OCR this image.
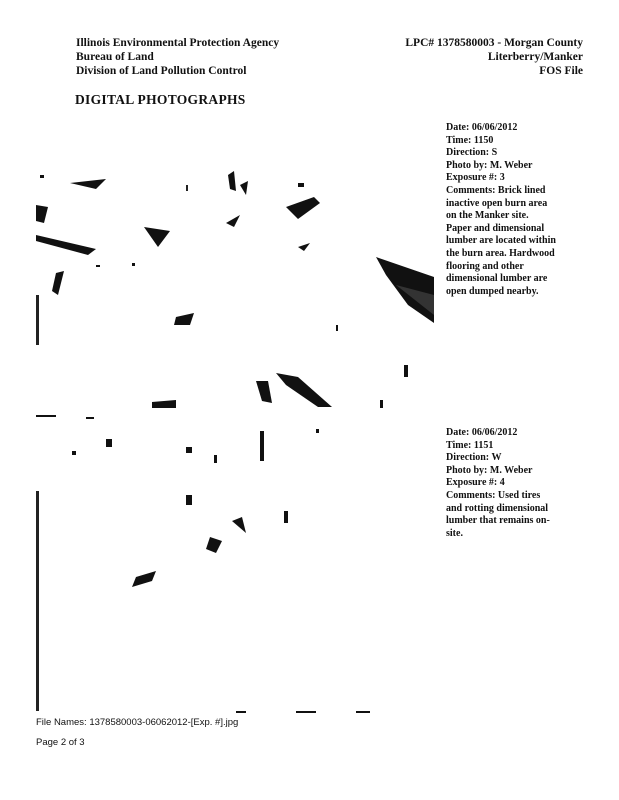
Illinois Environmental Protection Agency
Bureau of Land
Division of Land Pollution Control
LPC# 1378580003 - Morgan County
Literberry/Manker
FOS File
DIGITAL PHOTOGRAPHS
Date: 06/06/2012
Time: 1150
Direction: S
Photo by: M. Weber
Exposure #: 3
Comments: Brick lined
inactive open burn area
on the Manker site.
Paper and dimensional
lumber are located within
the burn area. Hardwood
flooring and other
dimensional lumber are
open dumped nearby.
Date: 06/06/2012
Time: 1151
Direction: W
Photo by: M. Weber
Exposure #: 4
Comments: Used tires
and rotting dimensional
lumber that remains on-
site.
File Names: 1378580003-06062012-[Exp. #].jpg
Page 2 of 3
